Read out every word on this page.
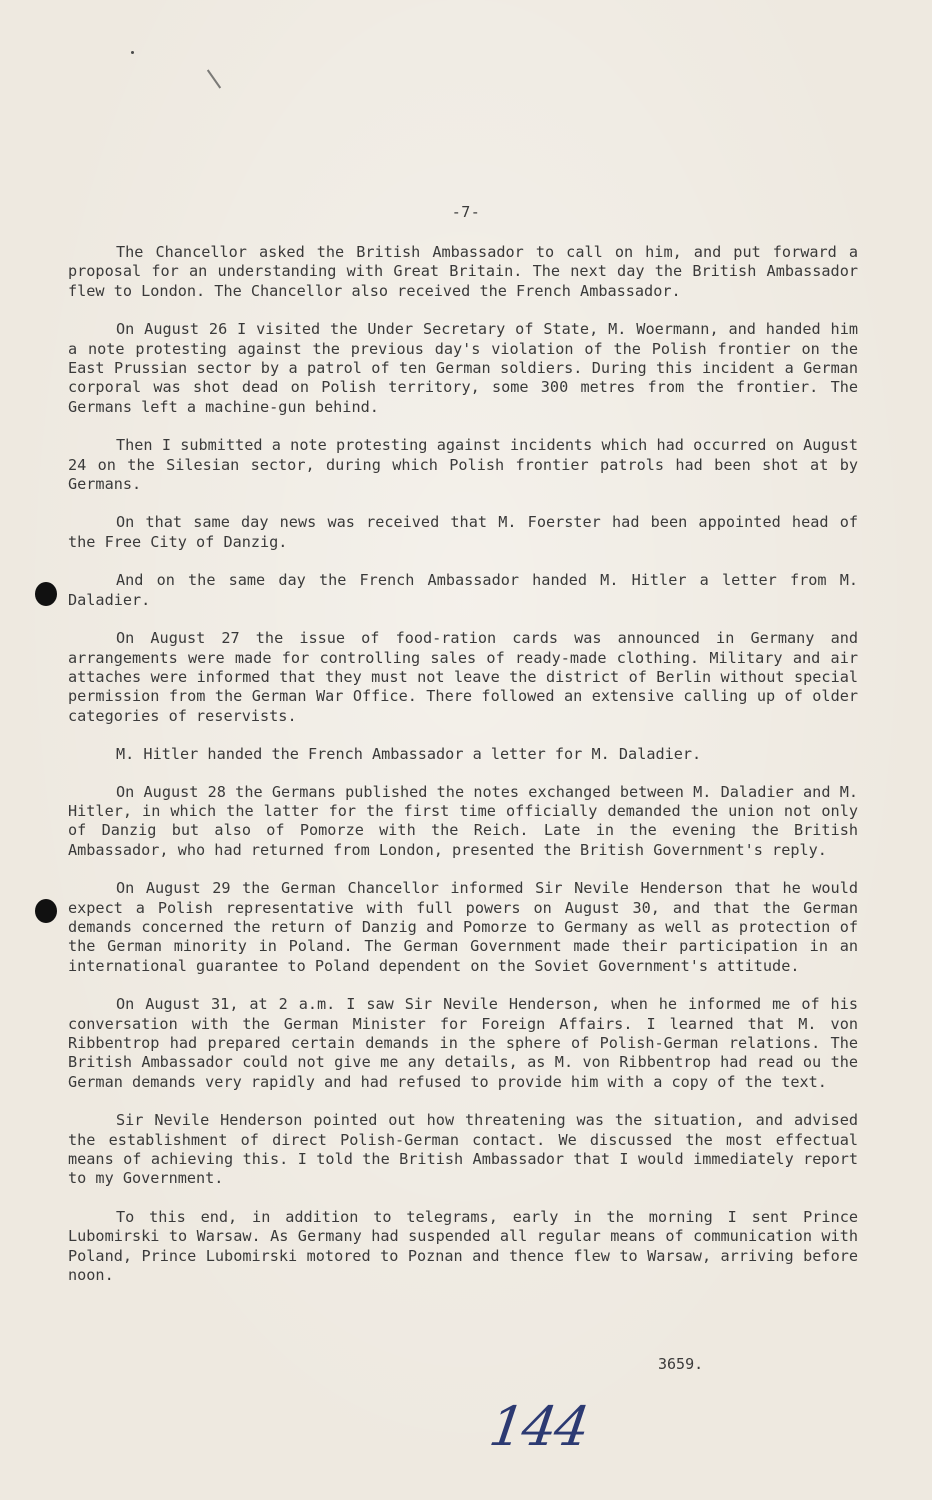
-7-

The Chancellor asked the British Ambassador to call on him, and put forward a proposal for an understanding with Great Britain. The next day the British Ambassador flew to London. The Chancellor also received the French Ambassador.

On August 26 I visited the Under Secretary of State, M. Woermann, and handed him a note protesting against the previous day's violation of the Polish frontier on the East Prussian sector by a patrol of ten German soldiers. During this incident a German corporal was shot dead on Polish territory, some 300 metres from the frontier. The Germans left a machine-gun behind.

Then I submitted a note protesting against incidents which had occurred on August 24 on the Silesian sector, during which Polish frontier patrols had been shot at by Germans.

On that same day news was received that M. Foerster had been appointed head of the Free City of Danzig.

And on the same day the French Ambassador handed M. Hitler a letter from M. Daladier.

On August 27 the issue of food-ration cards was announced in Germany and arrangements were made for controlling sales of ready-made clothing. Military and air attaches were informed that they must not leave the district of Berlin without special permission from the German War Office. There followed an extensive calling up of older categories of reservists.

M. Hitler handed the French Ambassador a letter for M. Daladier.

On August 28 the Germans published the notes exchanged between M. Daladier and M. Hitler, in which the latter for the first time officially demanded the union not only of Danzig but also of Pomorze with the Reich. Late in the evening the British Ambassador, who had returned from London, presented the British Government's reply.

On August 29 the German Chancellor informed Sir Nevile Henderson that he would expect a Polish representative with full powers on August 30, and that the German demands concerned the return of Danzig and Pomorze to Germany as well as protection of the German minority in Poland. The German Government made their participation in an international guarantee to Poland dependent on the Soviet Government's attitude.

On August 31, at 2 a.m. I saw Sir Nevile Henderson, when he informed me of his conversation with the German Minister for Foreign Affairs. I learned that M. von Ribbentrop had prepared certain demands in the sphere of Polish-German relations. The British Ambassador could not give me any details, as M. von Ribbentrop had read ou the German demands very rapidly and had refused to provide him with a copy of the text.

Sir Nevile Henderson pointed out how threatening was the situation, and advised the establishment of direct Polish-German contact. We discussed the most effectual means of achieving this. I told the British Ambassador that I would immediately report to my Government.

To this end, in addition to telegrams, early in the morning I sent Prince Lubomirski to Warsaw. As Germany had suspended all regular means of communication with Poland, Prince Lubomirski motored to Poznan and thence flew to Warsaw, arriving before noon.

3659.
144
